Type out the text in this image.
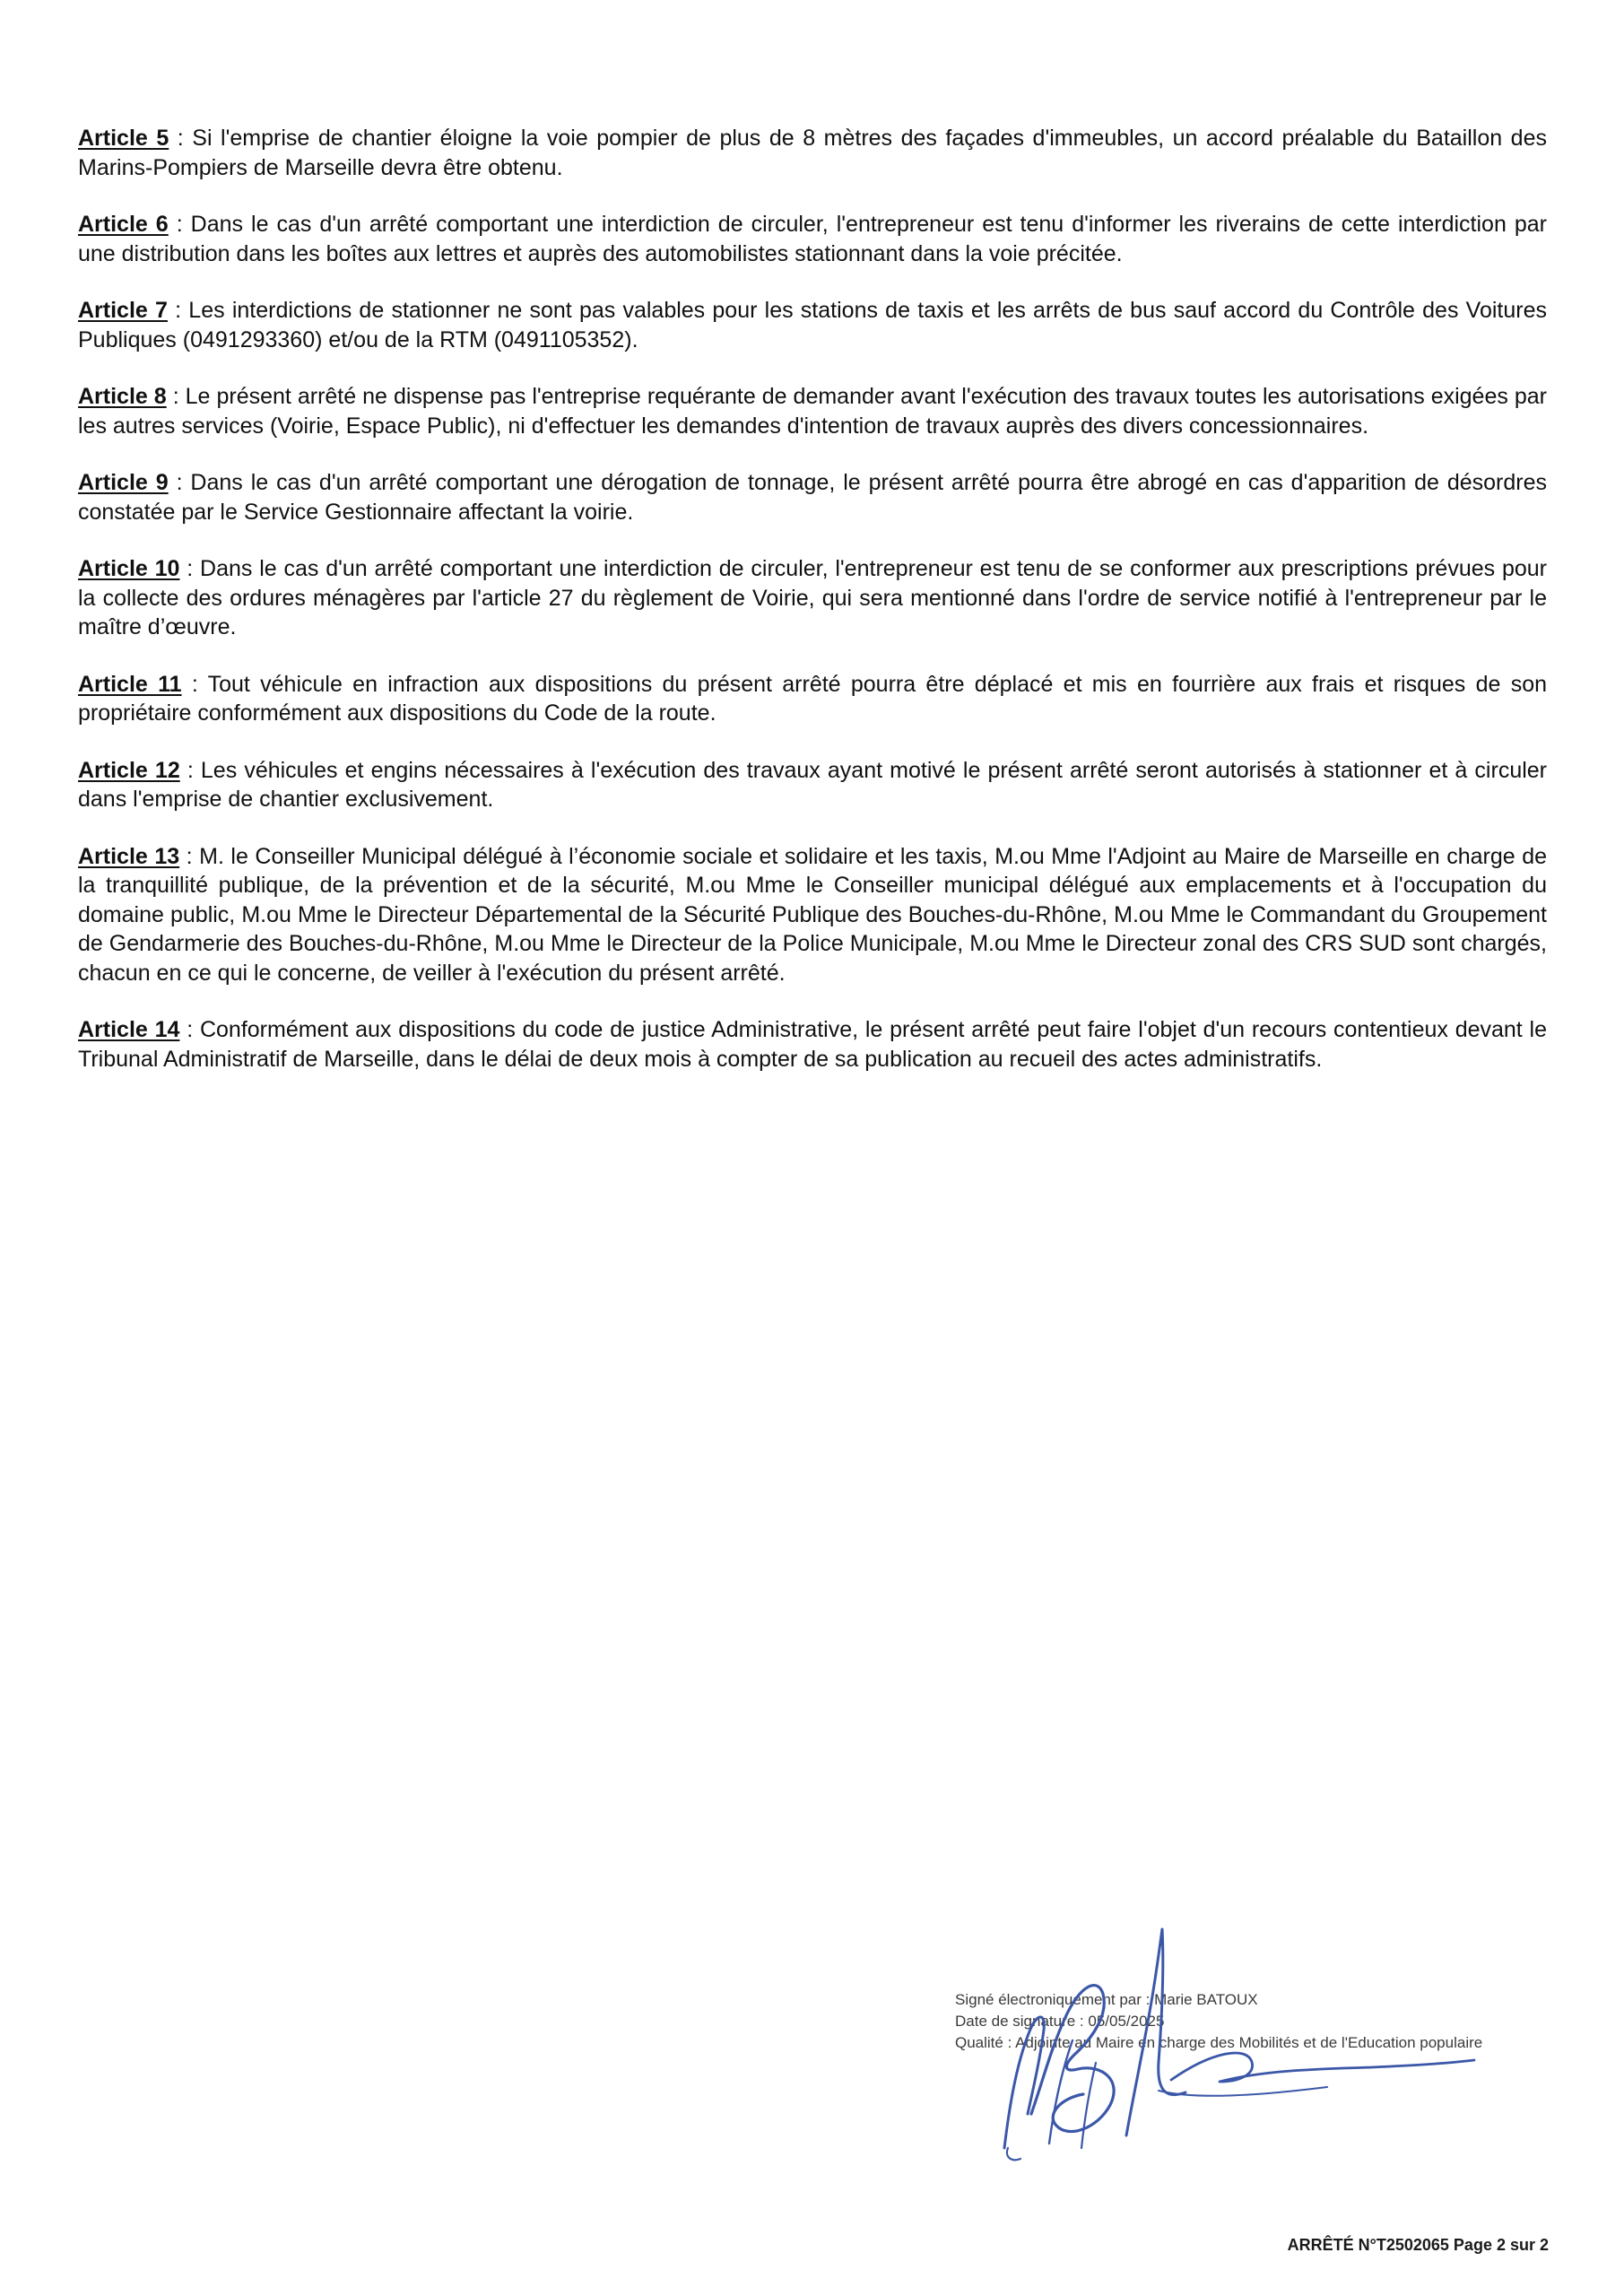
Article 5 : Si l'emprise de chantier éloigne la voie pompier de plus de 8 mètres des façades d'immeubles, un accord préalable du Bataillon des Marins-Pompiers de Marseille devra être obtenu.

Article 6 : Dans le cas d'un arrêté comportant une interdiction de circuler, l'entrepreneur est tenu d'informer les riverains de cette interdiction par une distribution dans les boîtes aux lettres et auprès des automobilistes stationnant dans la voie précitée.

Article 7 : Les interdictions de stationner ne sont pas valables pour les stations de taxis et les arrêts de bus sauf accord du Contrôle des Voitures Publiques (0491293360) et/ou de la RTM (0491105352).

Article 8 : Le présent arrêté ne dispense pas l'entreprise requérante de demander avant l'exécution des travaux toutes les autorisations exigées par les autres services (Voirie, Espace Public), ni d'effectuer les demandes d'intention de travaux auprès des divers concessionnaires.

Article 9 : Dans le cas d'un arrêté comportant une dérogation de tonnage, le présent arrêté pourra être abrogé en cas d'apparition de désordres constatée par le Service Gestionnaire affectant la voirie.

Article 10 : Dans le cas d'un arrêté comportant une interdiction de circuler, l'entrepreneur est tenu de se conformer aux prescriptions prévues pour la collecte des ordures ménagères par l'article 27 du règlement de Voirie, qui sera mentionné dans l'ordre de service notifié à l'entrepreneur par le maître d’œuvre.

Article 11 : Tout véhicule en infraction aux dispositions du présent arrêté pourra être déplacé et mis en fourrière aux frais et risques de son propriétaire conformément aux dispositions du Code de la route.

Article 12 : Les véhicules et engins nécessaires à l'exécution des travaux ayant motivé le présent arrêté seront autorisés à stationner et à circuler dans l'emprise de chantier exclusivement.

Article 13 : M. le Conseiller Municipal délégué à l’économie sociale et solidaire et les taxis, M.ou Mme l'Adjoint au Maire de Marseille en charge de la tranquillité publique, de la prévention et de la sécurité, M.ou Mme le Conseiller municipal délégué aux emplacements et à l'occupation du domaine public, M.ou Mme le Directeur Départemental de la Sécurité Publique des Bouches-du-Rhône, M.ou Mme le Commandant du Groupement de Gendarmerie des Bouches-du-Rhône, M.ou Mme le Directeur de la Police Municipale, M.ou Mme le Directeur zonal des CRS SUD sont chargés, chacun en ce qui le concerne, de veiller à l'exécution du présent arrêté.

Article 14 : Conformément aux dispositions du code de justice Administrative, le présent arrêté peut faire l'objet d'un recours contentieux devant le Tribunal Administratif de Marseille, dans le délai de deux mois à compter de sa publication au recueil des actes administratifs.

Signé électroniquement par : Marie BATOUX
Date de signature : 05/05/2025
Qualité : Adjointe au Maire en charge des Mobilités et de l'Education populaire
ARRÊTÉ N°T2502065 Page 2 sur 2
